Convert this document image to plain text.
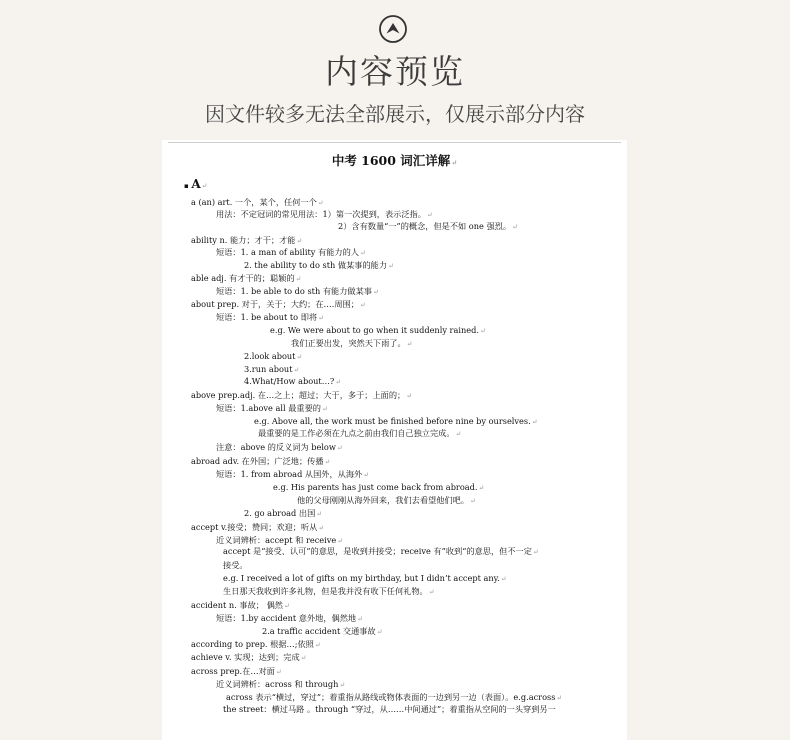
内容预览
因文件较多无法全部展示，仅展示部分内容
中考 1600 词汇详解↵
▪ A↵
a (an) art. 一个，某个，任何一个↵
用法：不定冠词的常见用法：1）第一次提到，表示泛指。↵
2）含有数量“一”的概念，但是不如 one 强烈。↵
ability n. 能力；才干；才能↵
短语：1. a man of ability 有能力的人↵
2. the ability to do sth 做某事的能力↵
able adj. 有才干的；聪颖的↵
短语：1. be able to do sth 有能力做某事↵
about prep. 对于，关于；大约；在….周围；↵
短语：1. be about to 即将↵
e.g. We were about to go when it suddenly rained.↵
我们正要出发，突然天下雨了。↵
2.look about↵
3.run about↵
4.What/How about…?↵
above prep.adj. 在…之上；超过；大于，多于；上面的；↵
短语：1.above all 最重要的↵
e.g. Above all, the work must be finished before nine by ourselves.↵
最重要的是工作必须在九点之前由我们自己独立完成。↵
注意：above 的反义词为 below↵
abroad adv. 在外国；广泛地；传播↵
短语：1. from abroad 从国外，从海外↵
e.g. His parents has just come back from abroad.↵
他的父母刚刚从海外回来，我们去看望他们吧。↵
2. go abroad 出国↵
accept v.接受；赞同；欢迎；听从↵
近义词辨析：accept 和 receive↵
accept 是“接受、认可”的意思，是收到并接受；receive 有”收到“的意思，但不一定↵
接受。
e.g. I received a lot of gifts on my birthday, but I didn’t accept any.↵
生日那天我收到许多礼物，但是我并没有收下任何礼物。↵
accident n. 事故； 偶然↵
短语：1.by accident 意外地，偶然地↵
2.a traffic accident 交通事故↵
according to prep. 根据…;依照↵
achieve v. 实现；达到；完成↵
across prep.在…对面↵
近义词辨析：across 和 through↵
across 表示“横过，穿过”；着重指从路线或物体表面的一边到另一边（表面）。e.g.across↵
the street：横过马路 。through “穿过，从……中间通过”；着重指从空间的一头穿到另一
